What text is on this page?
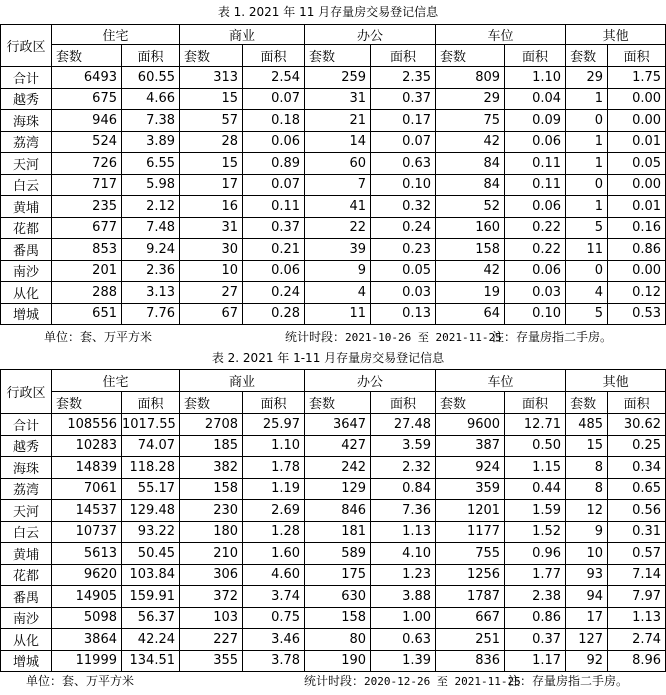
表 1. 2021 年 11 月存量房交易登记信息
行政区	住宅		商业		办公		车位		其他	
	套数	面积	套数	面积	套数	面积	套数	面积	套数	面积
合计	6493	60.55	313	2.54	259	2.35	809	1.10	29	1.75
越秀	675	4.66	15	0.07	31	0.37	29	0.04	1	0.00
海珠	946	7.38	57	0.18	21	0.17	75	0.09	0	0.00
荔湾	524	3.89	28	0.06	14	0.07	42	0.06	1	0.01
天河	726	6.55	15	0.89	60	0.63	84	0.11	1	0.05
白云	717	5.98	17	0.07	7	0.10	84	0.11	0	0.00
黄埔	235	2.12	16	0.11	41	0.32	52	0.06	1	0.01
花都	677	7.48	31	0.37	22	0.24	160	0.22	5	0.16
番禺	853	9.24	30	0.21	39	0.23	158	0.22	11	0.86
南沙	201	2.36	10	0.06	9	0.05	42	0.06	0	0.00
从化	288	3.13	27	0.24	4	0.03	19	0.03	4	0.12
增城	651	7.76	67	0.28	11	0.13	64	0.10	5	0.53
单位：套、万平方米	统计时段：2021-10-26 至 2021-11-25
注：存量房指二手房。
表 2. 2021 年 1-11 月存量房交易登记信息
行政区	住宅		商业		办公		车位		其他	
	套数	面积	套数	面积	套数	面积	套数	面积	套数	面积
合计	108556	1017.55	2708	25.97	3647	27.48	9600	12.71	485	30.62
越秀	10283	74.07	185	1.10	427	3.59	387	0.50	15	0.25
海珠	14839	118.28	382	1.78	242	2.32	924	1.15	8	0.34
荔湾	7061	55.17	158	1.19	129	0.84	359	0.44	8	0.65
天河	14537	129.48	230	2.69	846	7.36	1201	1.59	12	0.56
白云	10737	93.22	180	1.28	181	1.13	1177	1.52	9	0.31
黄埔	5613	50.45	210	1.60	589	4.10	755	0.96	10	0.57
花都	9620	103.84	306	4.60	175	1.23	1256	1.77	93	7.14
番禺	14905	159.91	372	3.74	630	3.88	1787	2.38	94	7.97
南沙	5098	56.37	103	0.75	158	1.00	667	0.86	17	1.13
从化	3864	42.24	227	3.46	80	0.63	251	0.37	127	2.74
增城	11999	134.51	355	3.78	190	1.39	836	1.17	92	8.96
单位：套、万平方米	统计时段：2020-12-26 至 2021-11-25
注：存量房指二手房。
